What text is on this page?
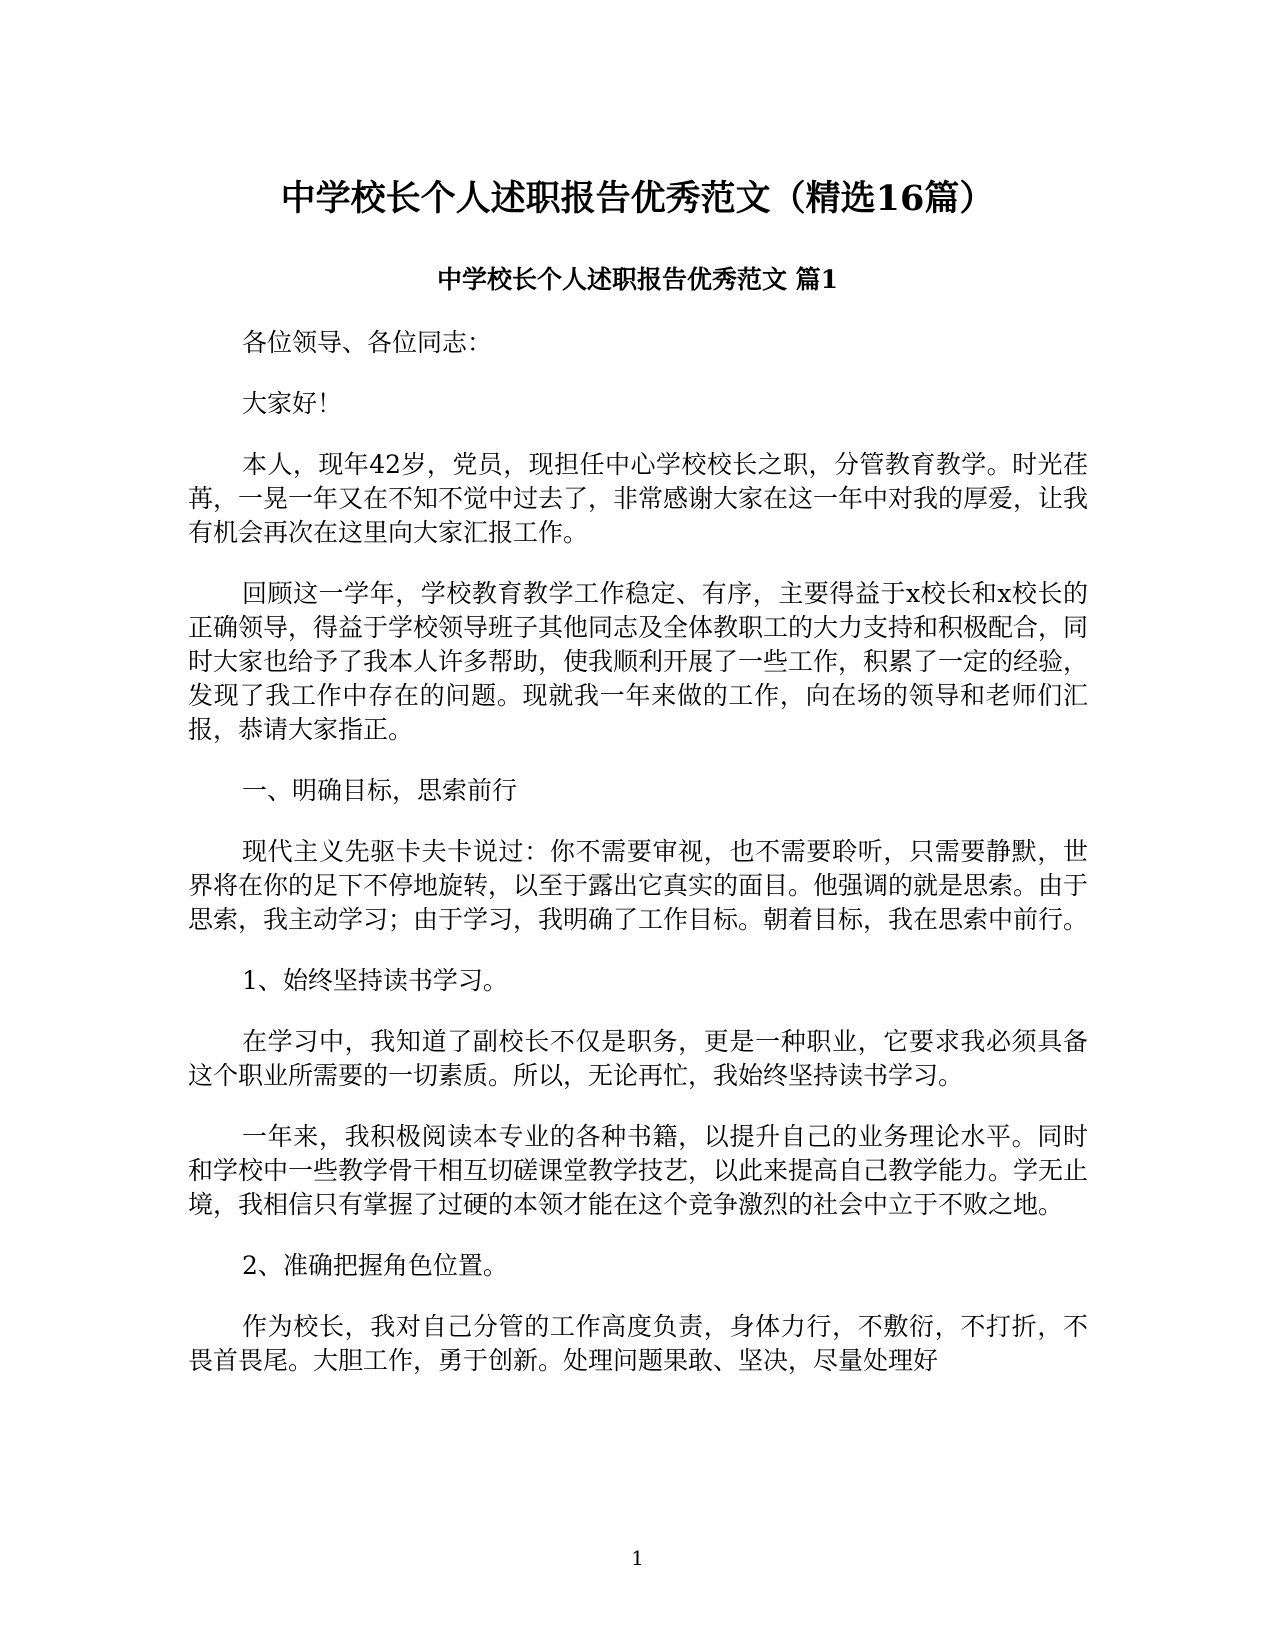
中学校长个人述职报告优秀范文（精选16篇）
中学校长个人述职报告优秀范文 篇1

各位领导、各位同志：

大家好！

本人，现年42岁，党员，现担任中心学校校长之职，分管教育教学。时光荏苒，一晃一年又在不知不觉中过去了，非常感谢大家在这一年中对我的厚爱，让我有机会再次在这里向大家汇报工作。

回顾这一学年，学校教育教学工作稳定、有序，主要得益于x校长和x校长的正确领导，得益于学校领导班子其他同志及全体教职工的大力支持和积极配合，同时大家也给予了我本人许多帮助，使我顺利开展了一些工作，积累了一定的经验，发现了我工作中存在的问题。现就我一年来做的工作，向在场的领导和老师们汇报，恭请大家指正。

一、明确目标，思索前行

现代主义先驱卡夫卡说过：你不需要审视，也不需要聆听，只需要静默，世界将在你的足下不停地旋转，以至于露出它真实的面目。他强调的就是思索。由于思索，我主动学习；由于学习，我明确了工作目标。朝着目标，我在思索中前行。

1、始终坚持读书学习。

在学习中，我知道了副校长不仅是职务，更是一种职业，它要求我必须具备这个职业所需要的一切素质。所以，无论再忙，我始终坚持读书学习。

一年来，我积极阅读本专业的各种书籍，以提升自己的业务理论水平。同时和学校中一些教学骨干相互切磋课堂教学技艺，以此来提高自己教学能力。学无止境，我相信只有掌握了过硬的本领才能在这个竞争激烈的社会中立于不败之地。

2、准确把握角色位置。

作为校长，我对自己分管的工作高度负责，身体力行，不敷衍，不打折，不畏首畏尾。大胆工作，勇于创新。处理问题果敢、坚决，尽量处理好

1
